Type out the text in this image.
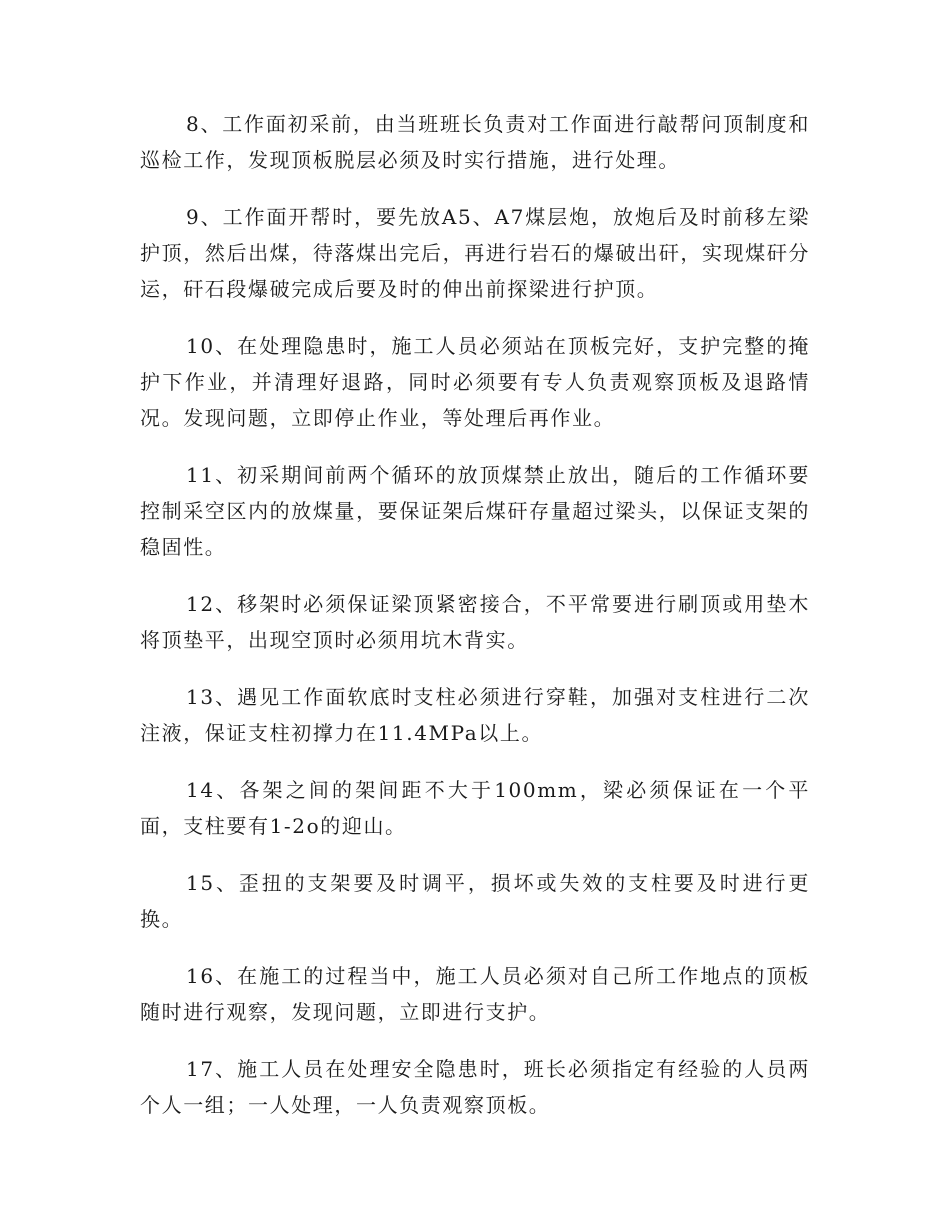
8、工作面初采前，由当班班长负责对工作面进行敲帮问顶制度和巡检工作，发现顶板脱层必须及时实行措施，进行处理。

9、工作面开帮时，要先放A5、A7煤层炮，放炮后及时前移左梁护顶，然后出煤，待落煤出完后，再进行岩石的爆破出矸，实现煤矸分运，矸石段爆破完成后要及时的伸出前探梁进行护顶。

10、在处理隐患时，施工人员必须站在顶板完好，支护完整的掩护下作业，并清理好退路，同时必须要有专人负责观察顶板及退路情况。发现问题，立即停止作业，等处理后再作业。

11、初采期间前两个循环的放顶煤禁止放出，随后的工作循环要控制采空区内的放煤量，要保证架后煤矸存量超过梁头，以保证支架的稳固性。

12、移架时必须保证梁顶紧密接合，不平常要进行刷顶或用垫木将顶垫平，出现空顶时必须用坑木背实。

13、遇见工作面软底时支柱必须进行穿鞋，加强对支柱进行二次注液，保证支柱初撑力在11.4MPa以上。

14、各架之间的架间距不大于100mm，梁必须保证在一个平面，支柱要有1-2o的迎山。

15、歪扭的支架要及时调平，损坏或失效的支柱要及时进行更换。

16、在施工的过程当中，施工人员必须对自己所工作地点的顶板随时进行观察，发现问题，立即进行支护。

17、施工人员在处理安全隐患时，班长必须指定有经验的人员两个人一组；一人处理，一人负责观察顶板。
